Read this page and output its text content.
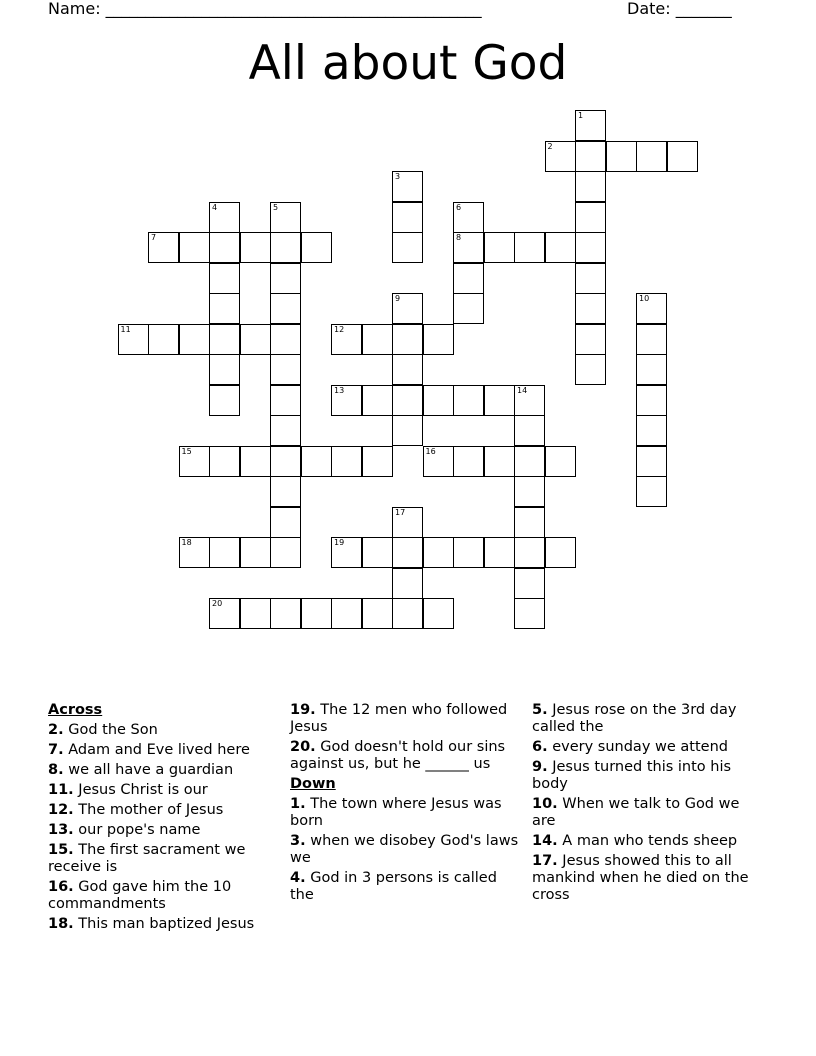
Name: _______________________________________________	Date: _______
All about God
1
2
3
4	5	6
8
7
9	10
11	12
13	14
15	16
17
18	19
20
Across
2. God the Son
7. Adam and Eve lived here
8. we all have a guardian
11. Jesus Christ is our
12. The mother of Jesus
13. our pope's name
15. The first sacrament we receive is
16. God gave him the 10 commandments
18. This man baptized Jesus
19. The 12 men who followed Jesus
20. God doesn't hold our sins against us, but he ______ us
Down
1. The town where Jesus was born
3. when we disobey God's laws we
4. God in 3 persons is called the
5. Jesus rose on the 3rd day called the
6. every sunday we attend
9. Jesus turned this into his body
10. When we talk to God we are
14. A man who tends sheep
17. Jesus showed this to all mankind when he died on the cross
